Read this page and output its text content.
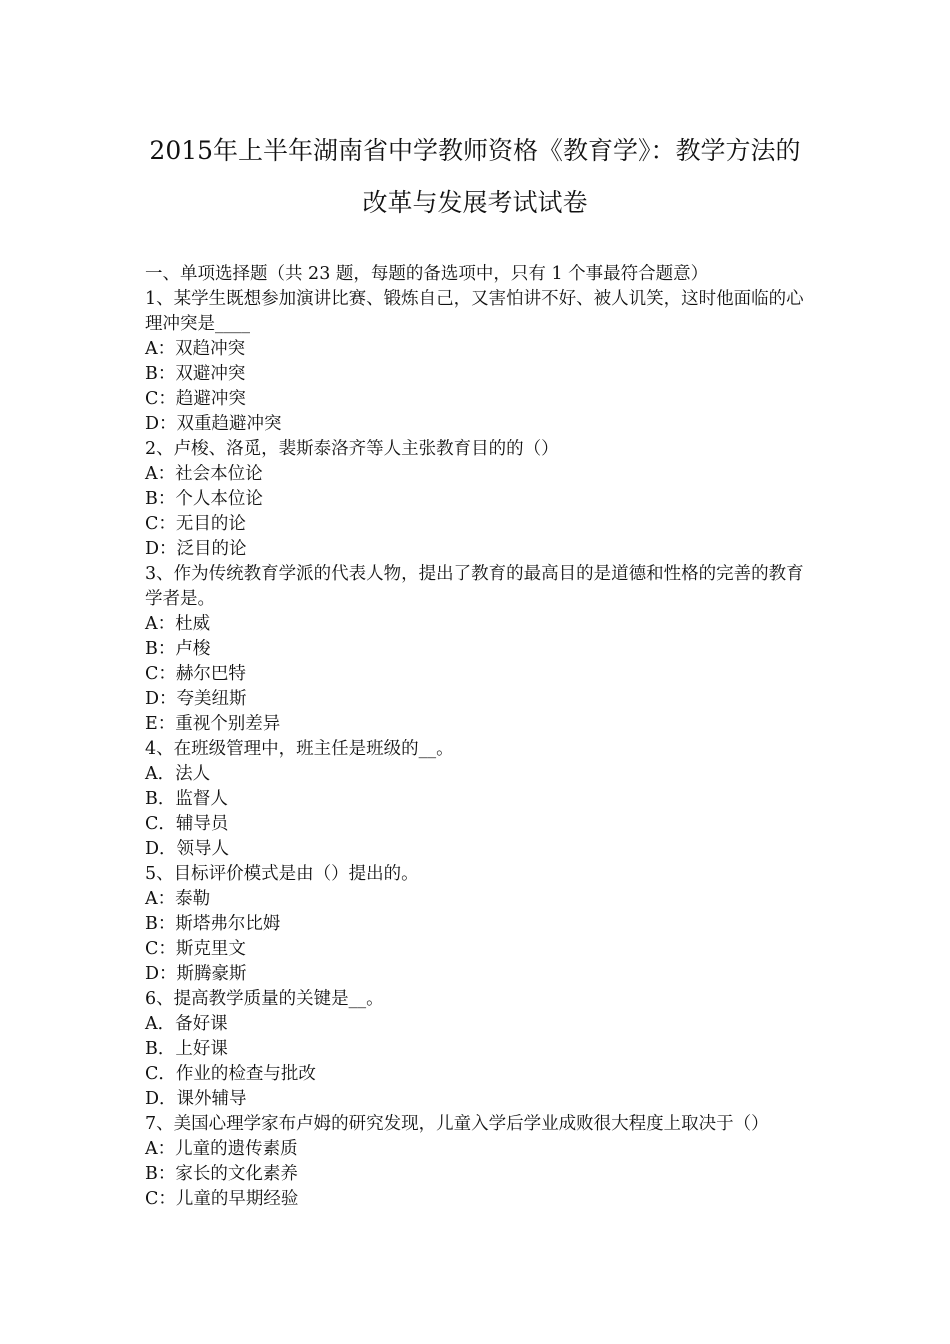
2015年上半年湖南省中学教师资格《教育学》：教学方法的
改革与发展考试试卷
一、单项选择题（共 23 题，每题的备选项中，只有 1 个事最符合题意）
1、某学生既想参加演讲比赛、锻炼自己，又害怕讲不好、被人讥笑，这时他面临的心理冲突是____
A：双趋冲突
B：双避冲突
C：趋避冲突
D：双重趋避冲突
2、卢梭、洛觅，裴斯泰洛齐等人主张教育目的的（）
A：社会本位论
B：个人本位论
C：无目的论
D：泛目的论
3、作为传统教育学派的代表人物，提出了教育的最高目的是道德和性格的完善的教育学者是。
A：杜威
B：卢梭
C：赫尔巴特
D：夸美纽斯
E：重视个别差异
4、在班级管理中，班主任是班级的__。
A．法人
B．监督人
C．辅导员
D．领导人
5、目标评价模式是由（）提出的。
A：泰勒
B：斯塔弗尔比姆
C：斯克里文
D：斯腾豪斯
6、提高教学质量的关键是__。
A．备好课
B．上好课
C．作业的检查与批改
D．课外辅导
7、美国心理学家布卢姆的研究发现，儿童入学后学业成败很大程度上取决于（）
A：儿童的遗传素质
B：家长的文化素养
C：儿童的早期经验
